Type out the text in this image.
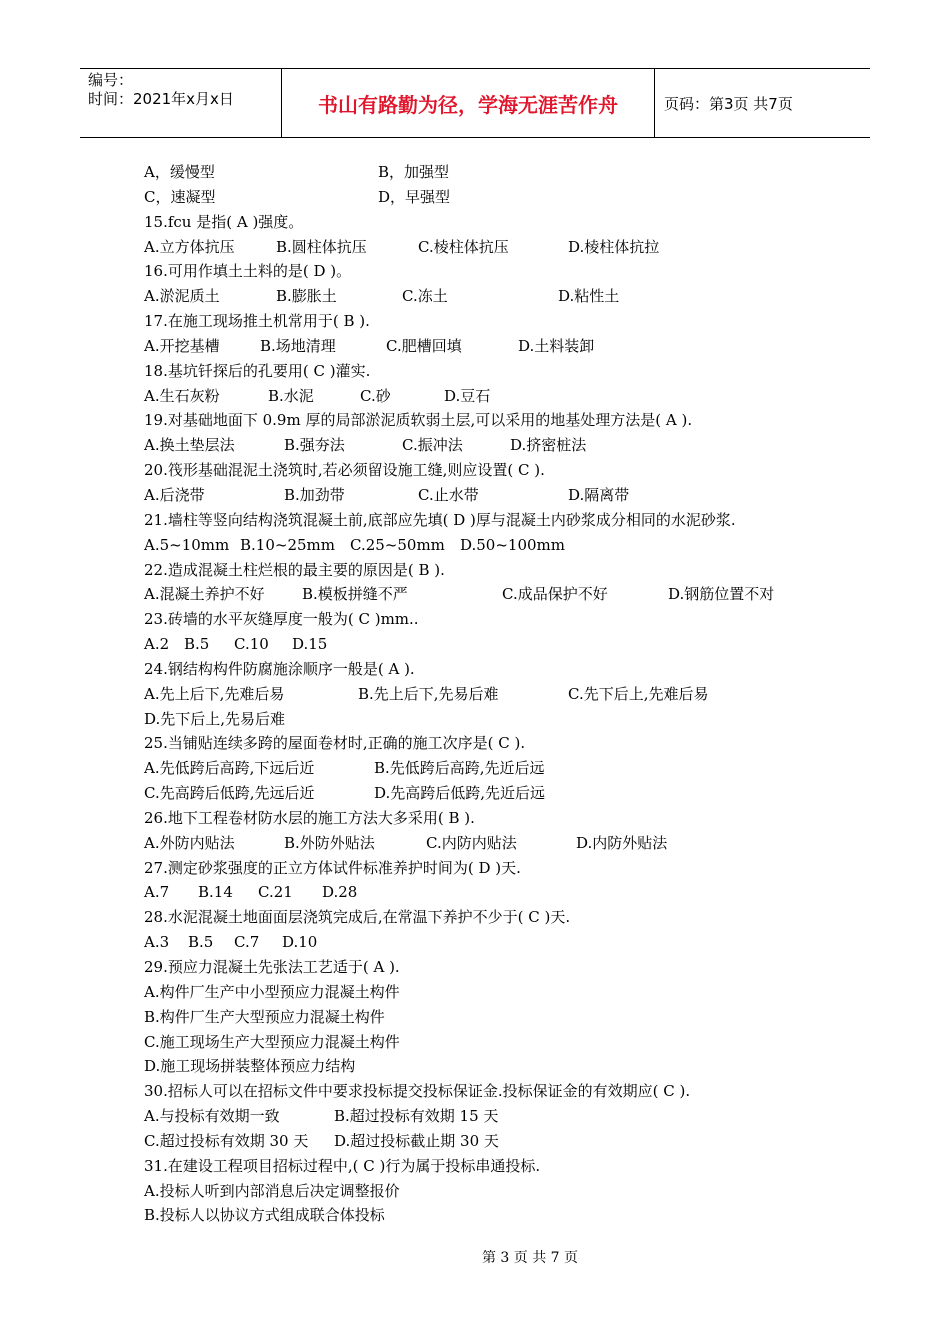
编号：
时间：2021年x月x日	书山有路勤为径，学海无涯苦作舟	页码：第3页 共7页
A，缓慢型	B，加强型
C，速凝型	D，早强型
15.fcu 是指( A )强度。
A.立方体抗压	B.圆柱体抗压	C.棱柱体抗压	D.棱柱体抗拉
16.可用作填土土料的是( D )。
A.淤泥质土	B.膨胀土	C.冻土	D.粘性土
17.在施工现场推土机常用于( B ).
A.开挖基槽	B.场地清理	C.肥槽回填	D.土料装卸
18.基坑钎探后的孔要用( C )灌实.
A.生石灰粉	B.水泥	C.砂	D.豆石
19.对基础地面下 0.9m 厚的局部淤泥质软弱土层,可以采用的地基处理方法是( A ).
A.换土垫层法	B.强夯法	C.振冲法	D.挤密桩法
20.筏形基础混泥土浇筑时,若必须留设施工缝,则应设置( C ).
A.后浇带	B.加劲带	C.止水带	D.隔离带
21.墙柱等竖向结构浇筑混凝土前,底部应先填( D )厚与混凝土内砂浆成分相同的水泥砂浆.
A.5~10mm B.10~25mm C.25~50mm D.50~100mm
22.造成混凝土柱烂根的最主要的原因是( B ).
A.混凝土养护不好 B.模板拼缝不严	C.成品保护不好	D.钢筋位置不对
23.砖墙的水平灰缝厚度一般为( C )mm..
A.2 B.5 C.10 D.15
24.钢结构构件防腐施涂顺序一般是( A ).
A.先上后下,先难后易	B.先上后下,先易后难	C.先下后上,先难后易
D.先下后上,先易后难
25.当铺贴连续多跨的屋面卷材时,正确的施工次序是( C ).
A.先低跨后高跨,下远后近	B.先低跨后高跨,先近后远
C.先高跨后低跨,先远后近	D.先高跨后低跨,先近后远
26.地下工程卷材防水层的施工方法大多采用( B ).
A.外防内贴法	B.外防外贴法	C.内防内贴法	D.内防外贴法
27.测定砂浆强度的正立方体试件标准养护时间为( D )天.
A.7 B.14 C.21 D.28
28.水泥混凝土地面面层浇筑完成后,在常温下养护不少于( C )天.
A.3 B.5 C.7 D.10
29.预应力混凝土先张法工艺适于( A ).
A.构件厂生产中小型预应力混凝土构件
B.构件厂生产大型预应力混凝土构件
C.施工现场生产大型预应力混凝土构件
D.施工现场拼装整体预应力结构
30.招标人可以在招标文件中要求投标提交投标保证金.投标保证金的有效期应( C ).
A.与投标有效期一致	B.超过投标有效期 15 天
C.超过投标有效期 30 天 D.超过投标截止期 30 天
31.在建设工程项目招标过程中,( C )行为属于投标串通投标.
A.投标人听到内部消息后决定调整报价
B.投标人以协议方式组成联合体投标
第 3 页 共 7 页
